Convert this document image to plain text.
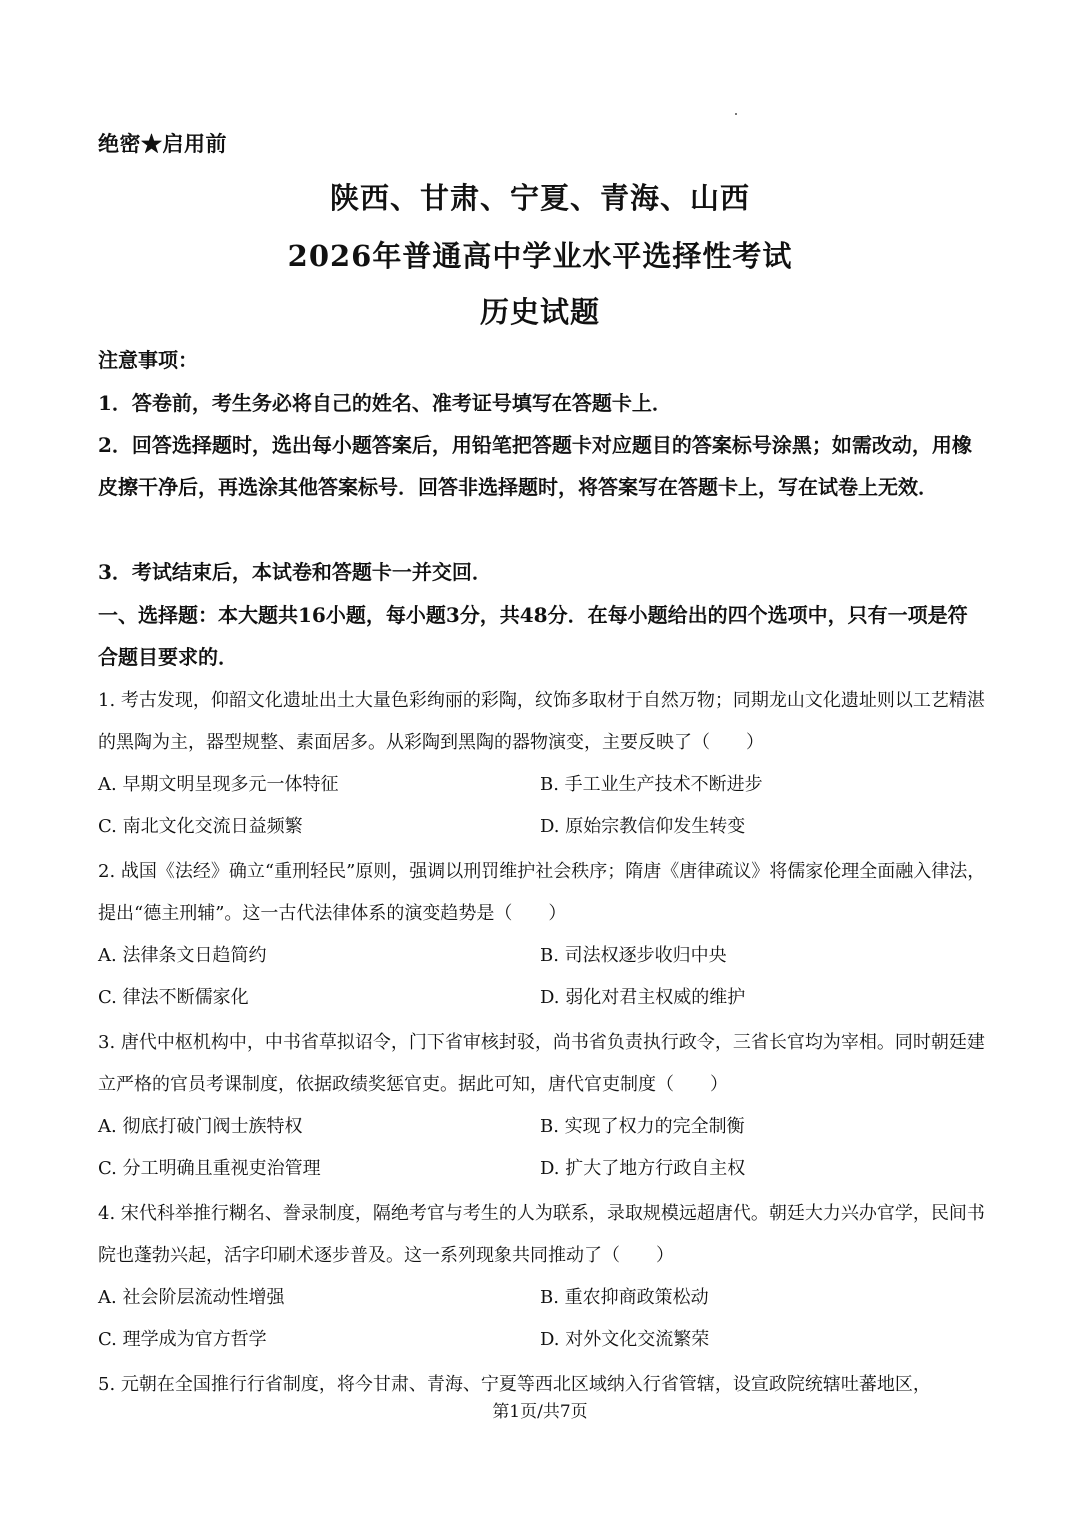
绝密★启用前
陕西、甘肃、宁夏、青海、山西
2026年普通高中学业水平选择性考试
历史试题
注意事项：
1．答卷前，考生务必将自己的姓名、准考证号填写在答题卡上．
2．回答选择题时，选出每小题答案后，用铅笔把答题卡对应题目的答案标号涂黑；如需改动，用橡皮擦干净后，再选涂其他答案标号．回答非选择题时，将答案写在答题卡上，写在试卷上无效．
3．考试结束后，本试卷和答题卡一并交回．
一、选择题：本大题共16小题，每小题3分，共48分．在每小题给出的四个选项中，只有一项是符合题目要求的．
1. 考古发现，仰韶文化遗址出土大量色彩绚丽的彩陶，纹饰多取材于自然万物；同期龙山文化遗址则以工艺精湛的黑陶为主，器型规整、素面居多。从彩陶到黑陶的器物演变，主要反映了（　　）
A. 早期文明呈现多元一体特征	B. 手工业生产技术不断进步
C. 南北文化交流日益频繁	D. 原始宗教信仰发生转变
2. 战国《法经》确立“重刑轻民”原则，强调以刑罚维护社会秩序；隋唐《唐律疏议》将儒家伦理全面融入律法，提出“德主刑辅”。这一古代法律体系的演变趋势是（　　）
A. 法律条文日趋简约	B. 司法权逐步收归中央
C. 律法不断儒家化	D. 弱化对君主权威的维护
3. 唐代中枢机构中，中书省草拟诏令，门下省审核封驳，尚书省负责执行政令，三省长官均为宰相。同时朝廷建立严格的官员考课制度，依据政绩奖惩官吏。据此可知，唐代官吏制度（　　）
A. 彻底打破门阀士族特权	B. 实现了权力的完全制衡
C. 分工明确且重视吏治管理	D. 扩大了地方行政自主权
4. 宋代科举推行糊名、誊录制度，隔绝考官与考生的人为联系，录取规模远超唐代。朝廷大力兴办官学，民间书院也蓬勃兴起，活字印刷术逐步普及。这一系列现象共同推动了（　　）
A. 社会阶层流动性增强	B. 重农抑商政策松动
C. 理学成为官方哲学	D. 对外文化交流繁荣
5. 元朝在全国推行行省制度，将今甘肃、青海、宁夏等西北区域纳入行省管辖，设宣政院统辖吐蕃地区，
第1页/共7页
